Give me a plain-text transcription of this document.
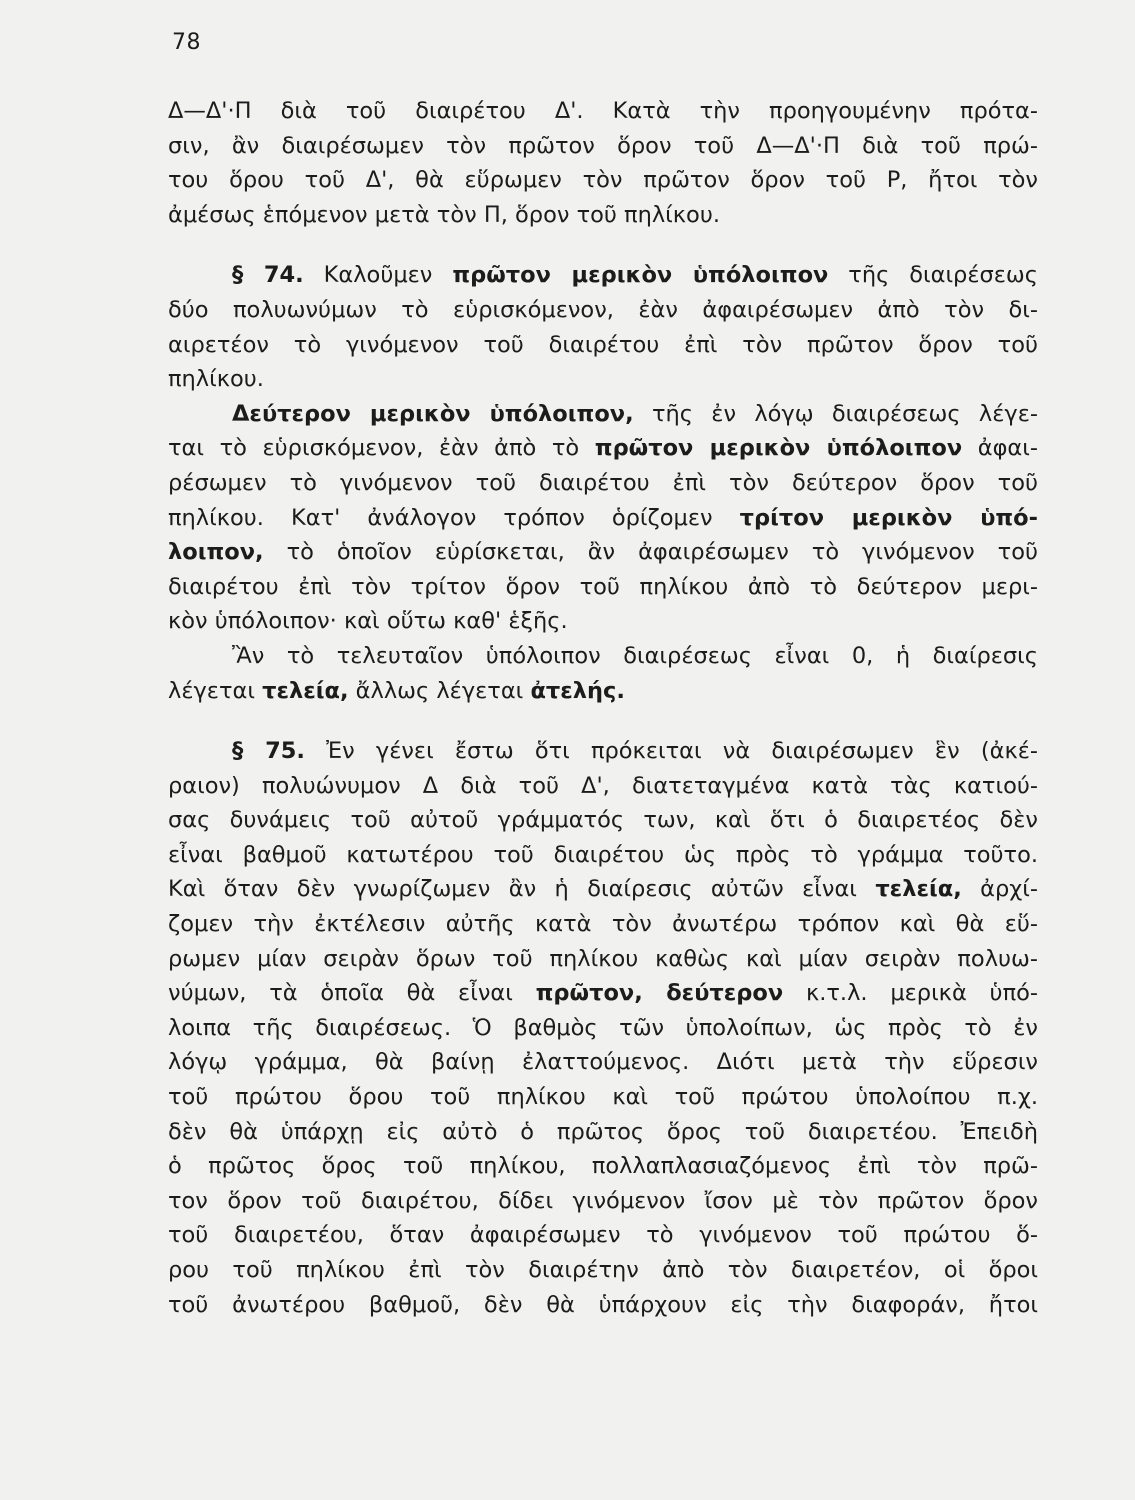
78
Δ—Δ'·Π διὰ τοῦ διαιρέτου Δ'. Κατὰ τὴν προηγουμένην πρότα-
σιν, ἂν διαιρέσωμεν τὸν πρῶτον ὅρον τοῦ Δ—Δ'·Π διὰ τοῦ πρώ-
του ὅρου τοῦ Δ', θὰ εὕρωμεν τὸν πρῶτον ὅρον τοῦ Ρ, ἤτοι τὸν
ἀμέσως ἑπόμενον μετὰ τὸν Π, ὅρον τοῦ πηλίκου.
§ 74. Καλοῦμεν πρῶτον μερικὸν ὑπόλοιπον τῆς διαιρέσεως
δύο πολυωνύμων τὸ εὑρισκόμενον, ἐὰν ἀφαιρέσωμεν ἀπὸ τὸν δι-
αιρετέον τὸ γινόμενον τοῦ διαιρέτου ἐπὶ τὸν πρῶτον ὅρον τοῦ
πηλίκου.
Δεύτερον μερικὸν ὑπόλοιπον, τῆς ἐν λόγῳ διαιρέσεως λέγε-
ται τὸ εὑρισκόμενον, ἐὰν ἀπὸ τὸ πρῶτον μερικὸν ὑπόλοιπον ἀφαι-
ρέσωμεν τὸ γινόμενον τοῦ διαιρέτου ἐπὶ τὸν δεύτερον ὅρον τοῦ
πηλίκου. Κατ' ἀνάλογον τρόπον ὁρίζομεν τρίτον μερικὸν ὑπό-
λοιπον, τὸ ὁποῖον εὑρίσκεται, ἂν ἀφαιρέσωμεν τὸ γινόμενον τοῦ
διαιρέτου ἐπὶ τὸν τρίτον ὅρον τοῦ πηλίκου ἀπὸ τὸ δεύτερον μερι-
κὸν ὑπόλοιπον· καὶ οὕτω καθ' ἑξῆς.
Ἂν τὸ τελευταῖον ὑπόλοιπον διαιρέσεως εἶναι 0, ἡ διαίρεσις
λέγεται τελεία, ἄλλως λέγεται ἀτελής.
§ 75. Ἐν γένει ἔστω ὅτι πρόκειται νὰ διαιρέσωμεν ἓν (ἀκέ-
ραιον) πολυώνυμον Δ διὰ τοῦ Δ', διατεταγμένα κατὰ τὰς κατιού-
σας δυνάμεις τοῦ αὐτοῦ γράμματός των, καὶ ὅτι ὁ διαιρετέος δὲν
εἶναι βαθμοῦ κατωτέρου τοῦ διαιρέτου ὡς πρὸς τὸ γράμμα τοῦτο.
Καὶ ὅταν δὲν γνωρίζωμεν ἂν ἡ διαίρεσις αὐτῶν εἶναι τελεία, ἀρχί-
ζομεν τὴν ἐκτέλεσιν αὐτῆς κατὰ τὸν ἀνωτέρω τρόπον καὶ θὰ εὕ-
ρωμεν μίαν σειρὰν ὅρων τοῦ πηλίκου καθὼς καὶ μίαν σειρὰν πολυω-
νύμων, τὰ ὁποῖα θὰ εἶναι πρῶτον, δεύτερον κ.τ.λ. μερικὰ ὑπό-
λοιπα τῆς διαιρέσεως. Ὁ βαθμὸς τῶν ὑπολοίπων, ὡς πρὸς τὸ ἐν
λόγῳ γράμμα, θὰ βαίνῃ ἐλαττούμενος. Διότι μετὰ τὴν εὕρεσιν
τοῦ πρώτου ὅρου τοῦ πηλίκου καὶ τοῦ πρώτου ὑπολοίπου π.χ.
δὲν θὰ ὑπάρχῃ εἰς αὐτὸ ὁ πρῶτος ὅρος τοῦ διαιρετέου. Ἐπειδὴ
ὁ πρῶτος ὅρος τοῦ πηλίκου, πολλαπλασιαζόμενος ἐπὶ τὸν πρῶ-
τον ὅρον τοῦ διαιρέτου, δίδει γινόμενον ἴσον μὲ τὸν πρῶτον ὅρον
τοῦ διαιρετέου, ὅταν ἀφαιρέσωμεν τὸ γινόμενον τοῦ πρώτου ὅ-
ρου τοῦ πηλίκου ἐπὶ τὸν διαιρέτην ἀπὸ τὸν διαιρετέον, οἱ ὅροι
τοῦ ἀνωτέρου βαθμοῦ, δὲν θὰ ὑπάρχουν εἰς τὴν διαφοράν, ἤτοι
